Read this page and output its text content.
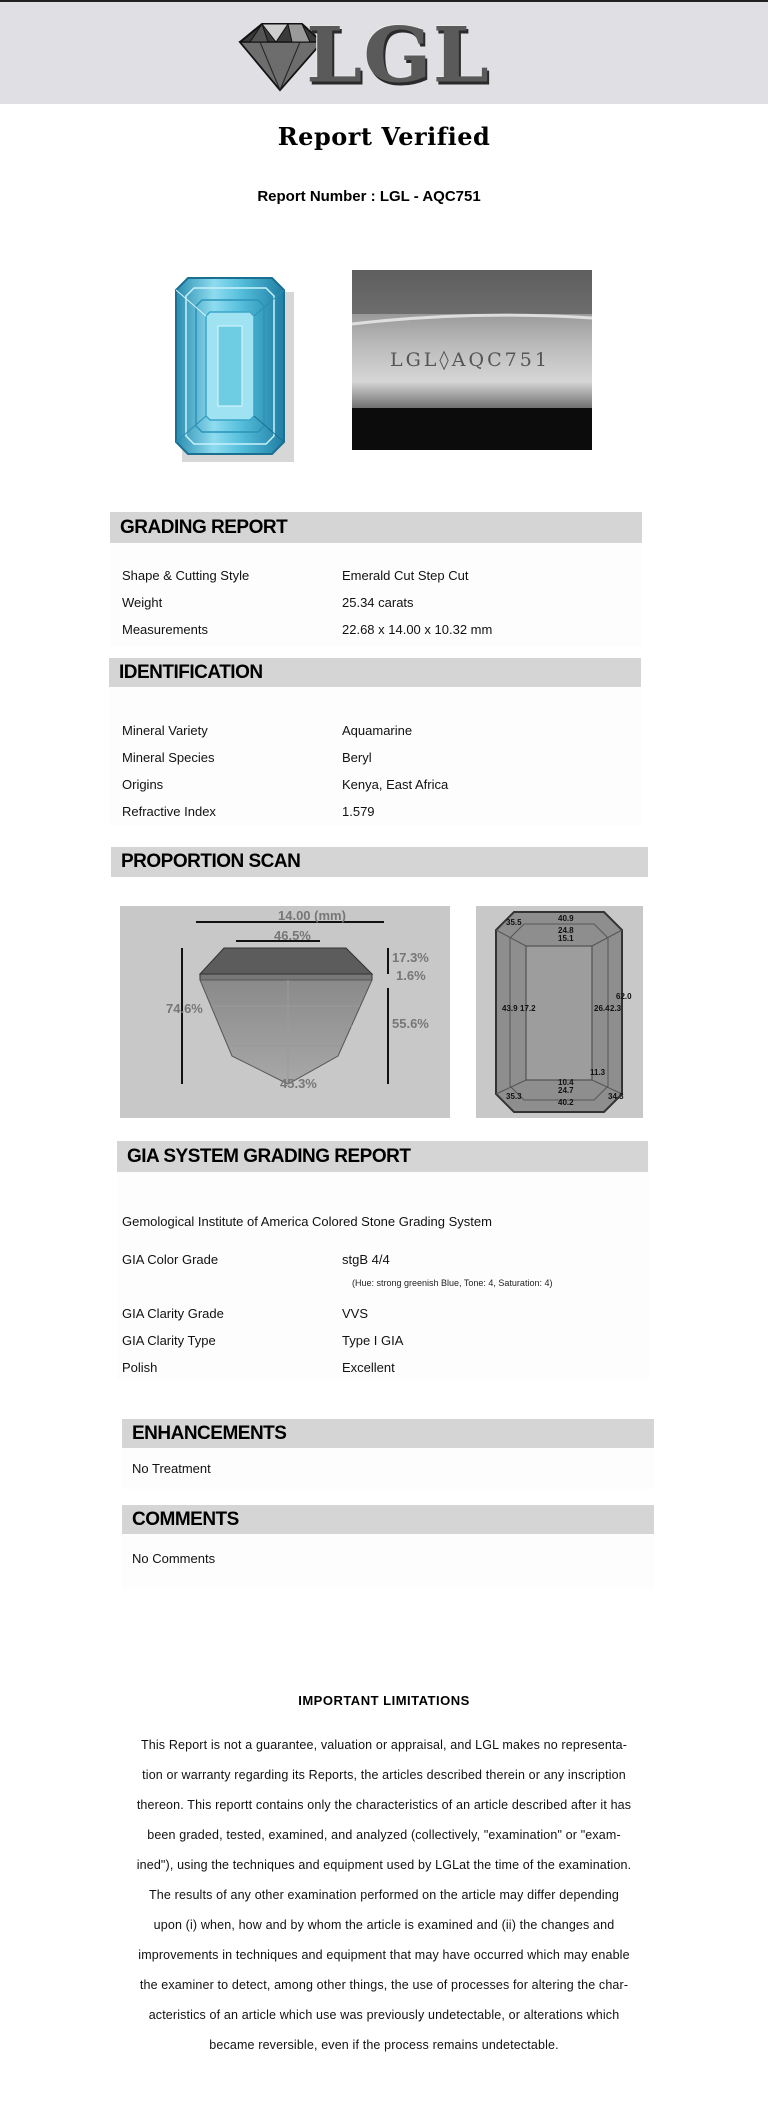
LGL
Report Verified
Report Number : LGL - AQC751
LGL◊AQC751
GRADING REPORT
Shape & Cutting Style	Emerald Cut Step Cut
Weight	25.34 carats
Measurements	22.68 x 14.00 x 10.32 mm
IDENTIFICATION
Mineral Variety	Aquamarine
Mineral Species	Beryl
Origins	Kenya, East Africa
Refractive Index	1.579
PROPORTION SCAN
14.00 (mm)
46.5%
17.3%
1.6%
74.6%
55.6%
45.3%
35.5	40.9
24.8
15.1
62.0
43.9 17.2	26.4 2.3
11.3
10.4
24.7
40.2
35.3	34.3
GIA SYSTEM GRADING REPORT
Gemological Institute of America Colored Stone Grading System
GIA Color Grade	stgB 4/4
(Hue: strong greenish Blue, Tone: 4, Saturation: 4)
GIA Clarity Grade	VVS
GIA Clarity Type	Type I GIA
Polish	Excellent
ENHANCEMENTS
No Treatment
COMMENTS
No Comments
IMPORTANT LIMITATIONS
This Report is not a guarantee, valuation or appraisal, and LGL makes no representa-
tion or warranty regarding its Reports, the articles described therein or any inscription
thereon. This reportt contains only the characteristics of an article described after it has
been graded, tested, examined, and analyzed (collectively, "examination" or "exam-
ined"), using the techniques and equipment used by LGLat the time of the examination.
The results of any other examination performed on the article may differ depending
upon (i) when, how and by whom the article is examined and (ii) the changes and
improvements in techniques and equipment that may have occurred which may enable
the examiner to detect, among other things, the use of processes for altering the char-
acteristics of an article which use was previously undetectable, or alterations which
became reversible, even if the process remains undetectable.
